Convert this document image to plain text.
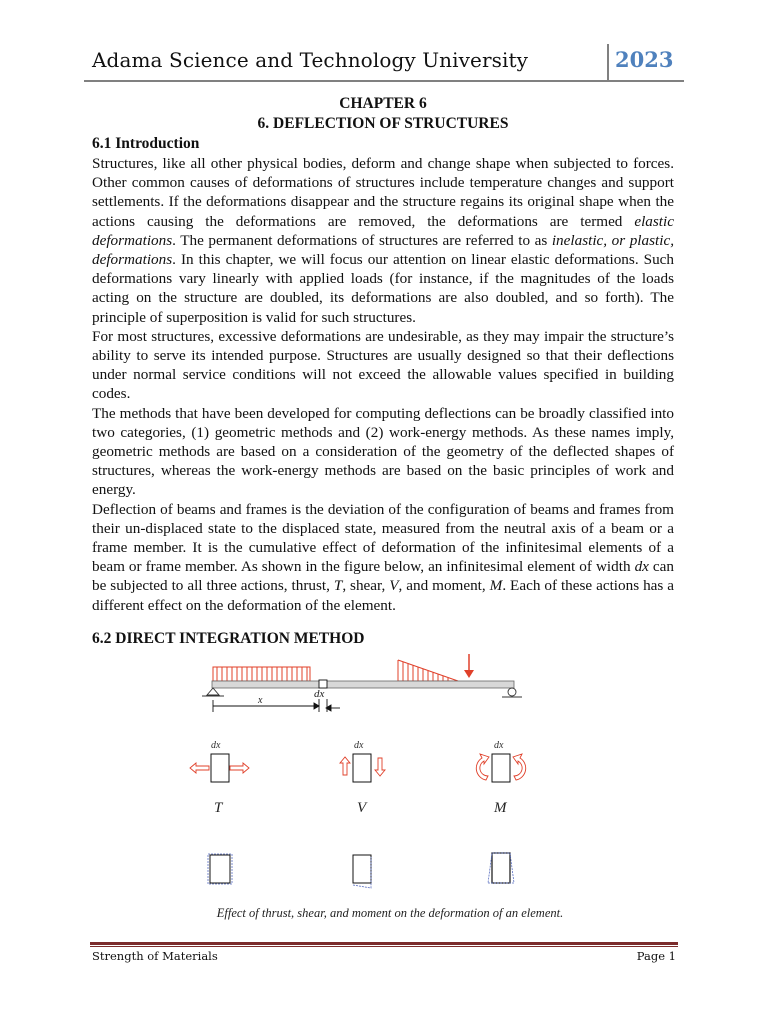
Adama Science and Technology University	2023
CHAPTER 6
6. DEFLECTION OF STRUCTURES
6.1 Introduction

Structures, like all other physical bodies, deform and change shape when subjected to forces. Other common causes of deformations of structures include temperature changes and support settlements. If the deformations disappear and the structure regains its original shape when the actions causing the deformations are removed, the deformations are termed elastic deformations. The permanent deformations of structures are referred to as inelastic, or plastic, deformations. In this chapter, we will focus our attention on linear elastic deformations. Such deformations vary linearly with applied loads (for instance, if the magnitudes of the loads acting on the structure are doubled, its deformations are also doubled, and so forth). The principle of superposition is valid for such structures.

For most structures, excessive deformations are undesirable, as they may impair the structure’s ability to serve its intended purpose. Structures are usually designed so that their deflections under normal service conditions will not exceed the allowable values specified in building codes.

The methods that have been developed for computing deflections can be broadly classified into two categories, (1) geometric methods and (2) work-energy methods. As these names imply, geometric methods are based on a consideration of the geometry of the deflected shapes of structures, whereas the work-energy methods are based on the basic principles of work and energy.

Deflection of beams and frames is the deviation of the configuration of beams and frames from their un-displaced state to the displaced state, measured from the neutral axis of a beam or a frame member. It is the cumulative effect of deformation of the infinitesimal elements of a beam or frame member. As shown in the figure below, an infinitesimal element of width dx can be subjected to all three actions, thrust, T, shear, V, and moment, M. Each of these actions has a different effect on the deformation of the element.

6.2 DIRECT INTEGRATION METHOD
x
dx
dx
T
dx
V
dx
M
Effect of thrust, shear, and moment on the deformation of an element.
Strength of Materials	Page 1
